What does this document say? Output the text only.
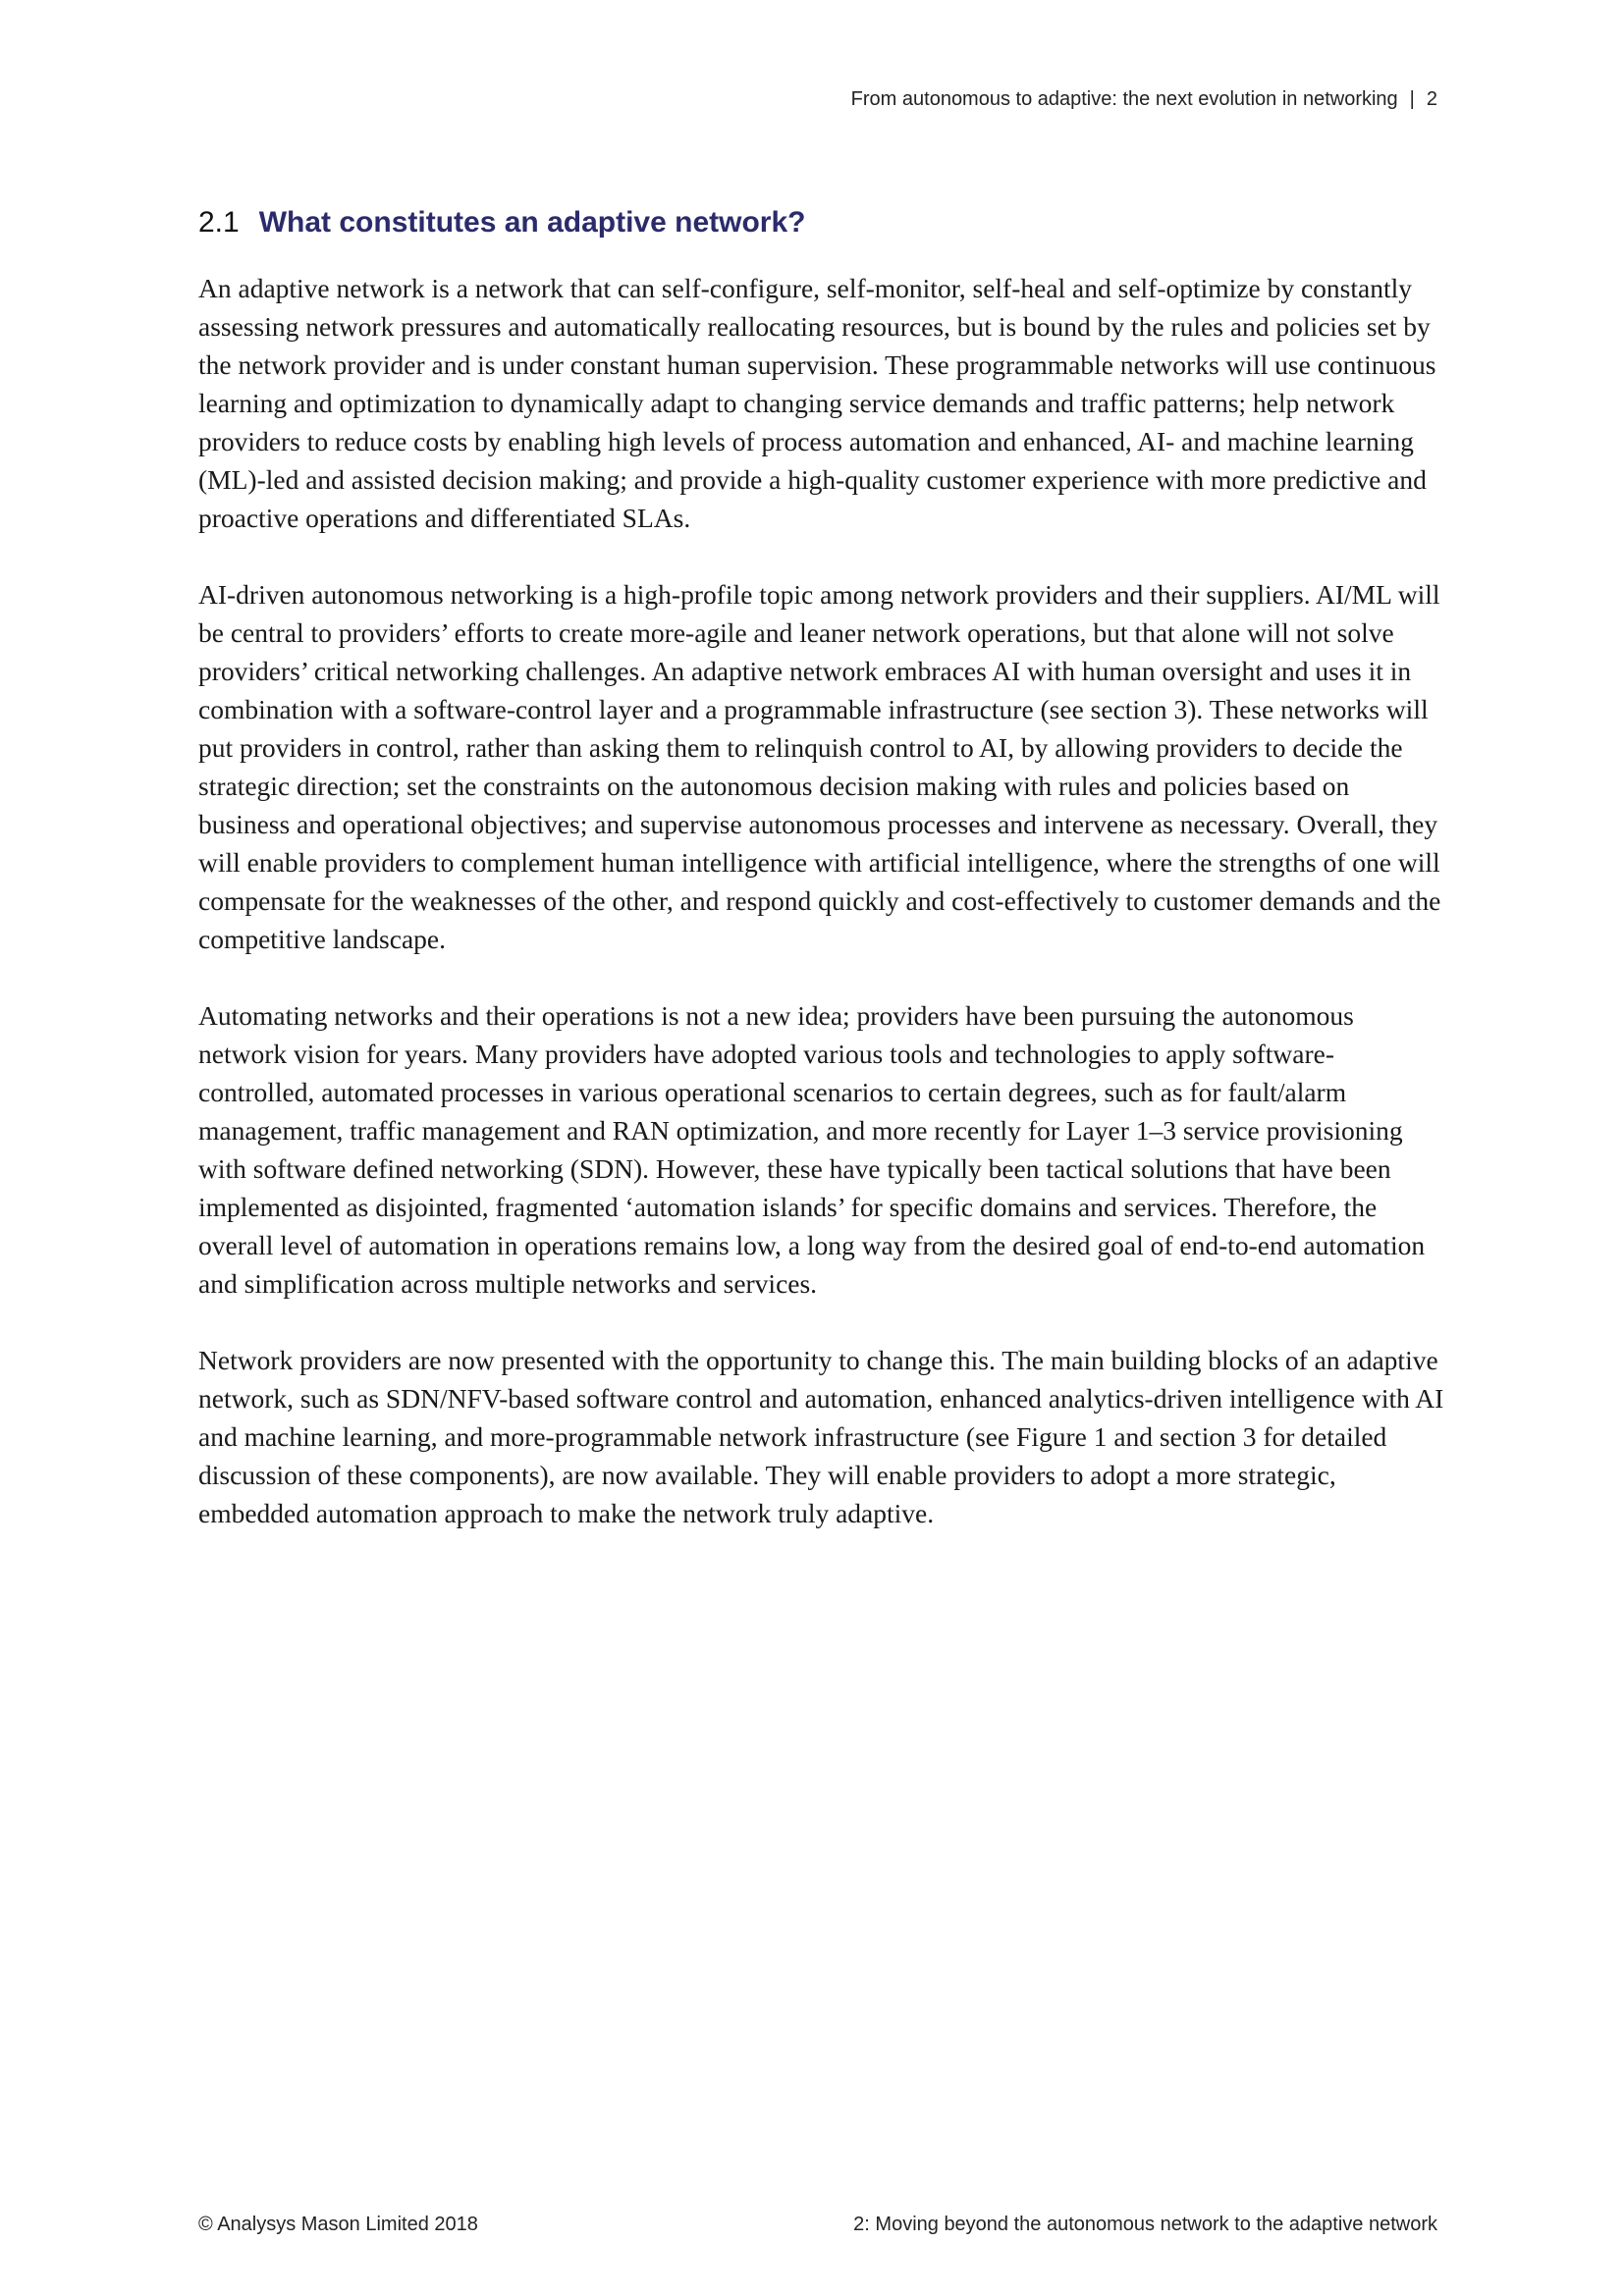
From autonomous to adaptive: the next evolution in networking | 2
2.1 What constitutes an adaptive network?

An adaptive network is a network that can self-configure, self-monitor, self-heal and self-optimize by constantly assessing network pressures and automatically reallocating resources, but is bound by the rules and policies set by the network provider and is under constant human supervision. These programmable networks will use continuous learning and optimization to dynamically adapt to changing service demands and traffic patterns; help network providers to reduce costs by enabling high levels of process automation and enhanced, AI- and machine learning (ML)-led and assisted decision making; and provide a high-quality customer experience with more predictive and proactive operations and differentiated SLAs.

AI-driven autonomous networking is a high-profile topic among network providers and their suppliers. AI/ML will be central to providers’ efforts to create more-agile and leaner network operations, but that alone will not solve providers’ critical networking challenges. An adaptive network embraces AI with human oversight and uses it in combination with a software-control layer and a programmable infrastructure (see section 3). These networks will put providers in control, rather than asking them to relinquish control to AI, by allowing providers to decide the strategic direction; set the constraints on the autonomous decision making with rules and policies based on business and operational objectives; and supervise autonomous processes and intervene as necessary. Overall, they will enable providers to complement human intelligence with artificial intelligence, where the strengths of one will compensate for the weaknesses of the other, and respond quickly and cost-effectively to customer demands and the competitive landscape.

Automating networks and their operations is not a new idea; providers have been pursuing the autonomous network vision for years. Many providers have adopted various tools and technologies to apply software-controlled, automated processes in various operational scenarios to certain degrees, such as for fault/alarm management, traffic management and RAN optimization, and more recently for Layer 1–3 service provisioning with software defined networking (SDN). However, these have typically been tactical solutions that have been implemented as disjointed, fragmented ‘automation islands’ for specific domains and services. Therefore, the overall level of automation in operations remains low, a long way from the desired goal of end-to-end automation and simplification across multiple networks and services.

Network providers are now presented with the opportunity to change this. The main building blocks of an adaptive network, such as SDN/NFV-based software control and automation, enhanced analytics-driven intelligence with AI and machine learning, and more-programmable network infrastructure (see Figure 1 and section 3 for detailed discussion of these components), are now available. They will enable providers to adopt a more strategic, embedded automation approach to make the network truly adaptive.

© Analysys Mason Limited 2018	2: Moving beyond the autonomous network to the adaptive network
